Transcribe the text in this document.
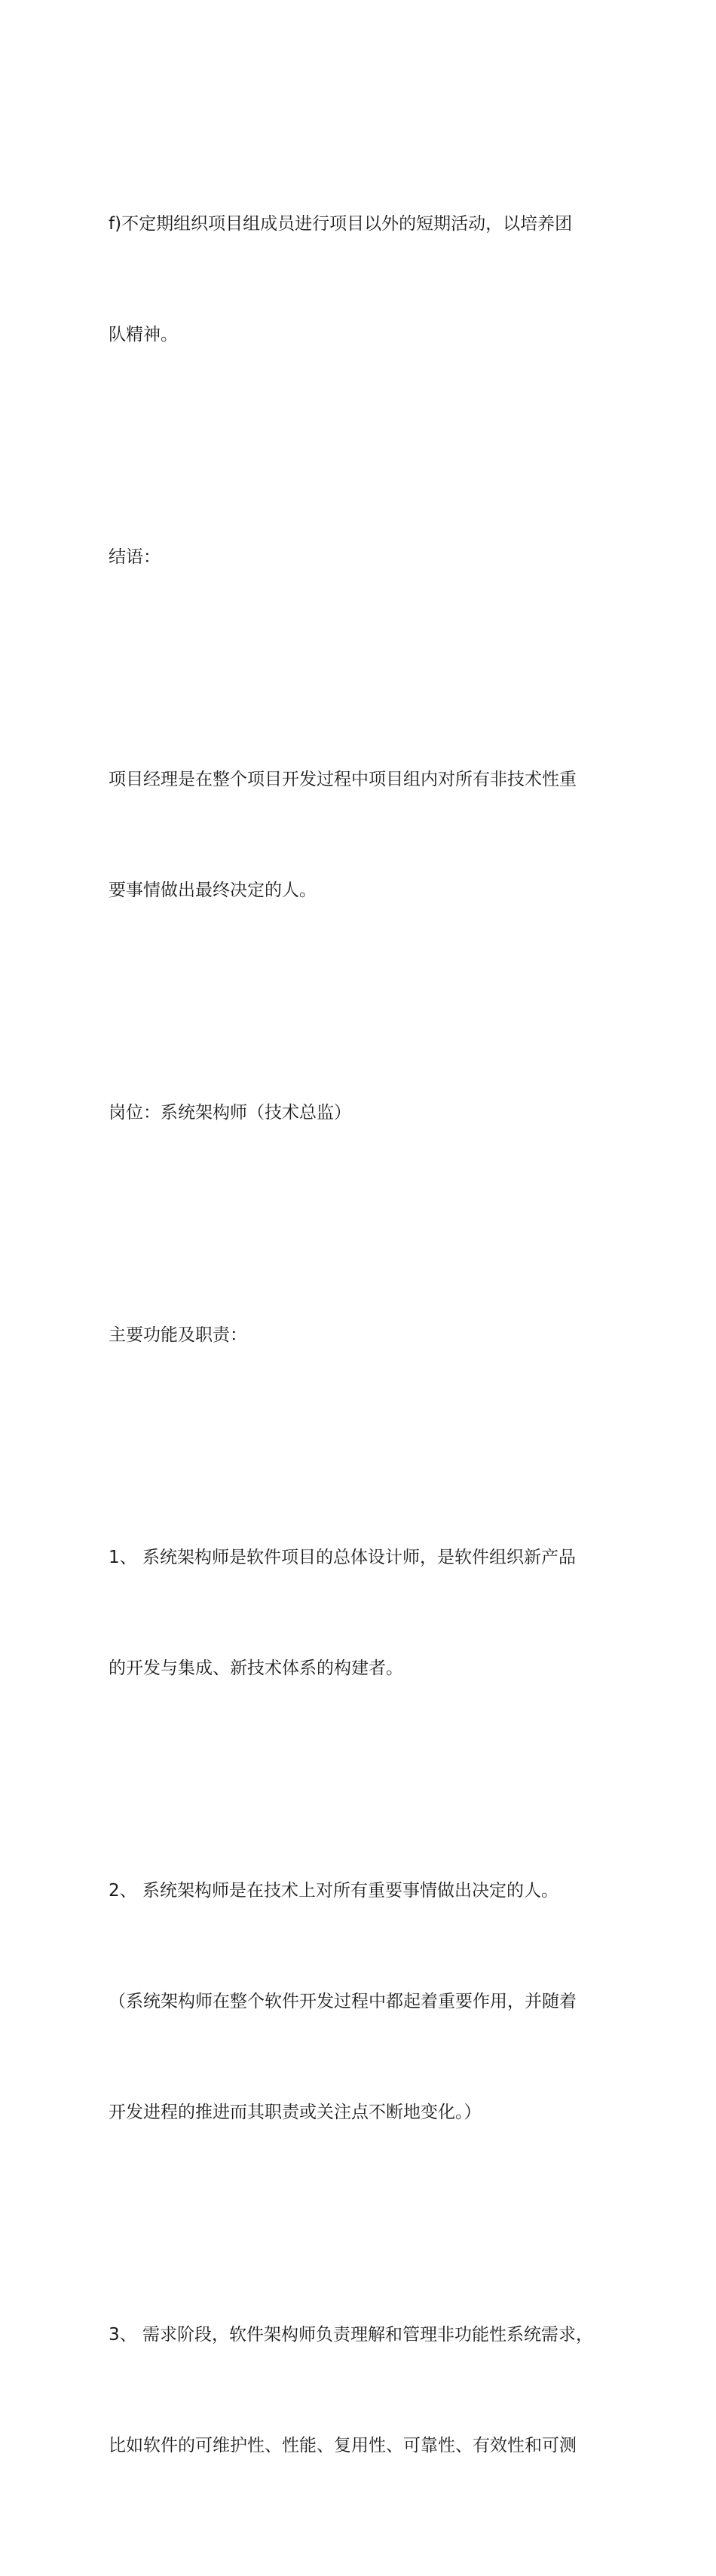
f)不定期组织项目组成员进行项目以外的短期活动，以培养团

队精神。

结语：

项目经理是在整个项目开发过程中项目组内对所有非技术性重

要事情做出最终决定的人。

岗位：系统架构师（技术总监）

主要功能及职责：

1、 系统架构师是软件项目的总体设计师，是软件组织新产品

的开发与集成、新技术体系的构建者。

2、 系统架构师是在技术上对所有重要事情做出决定的人。

（系统架构师在整个软件开发过程中都起着重要作用，并随着

开发进程的推进而其职责或关注点不断地变化。）

3、 需求阶段，软件架构师负责理解和管理非功能性系统需求，

比如软件的可维护性、性能、复用性、可靠性、有效性和可测
